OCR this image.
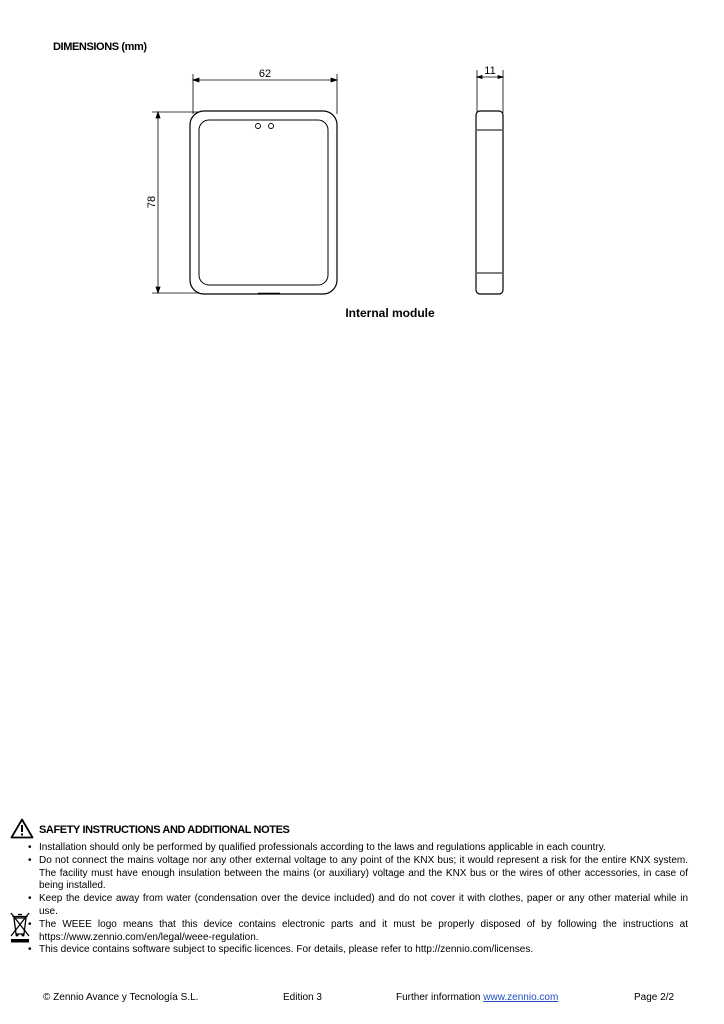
DIMENSIONS (mm)
62
78
11
Internal module
SAFETY INSTRUCTIONS AND ADDITIONAL NOTES
• Installation should only be performed by qualified professionals according to the laws and regulations applicable in each country.
• Do not connect the mains voltage nor any other external voltage to any point of the KNX bus; it would represent a risk for the entire KNX system. The facility must have enough insulation between the mains (or auxiliary) voltage and the KNX bus or the wires of other accessories, in case of being installed.
• Keep the device away from water (condensation over the device included) and do not cover it with clothes, paper or any other material while in use.
• The WEEE logo means that this device contains electronic parts and it must be properly disposed of by following the instructions at https://www.zennio.com/en/legal/weee-regulation.
• This device contains software subject to specific licences. For details, please refer to http://zennio.com/licenses.
© Zennio Avance y Tecnología S.L.	Edition 3	Further information www.zennio.com	Page 2/2
